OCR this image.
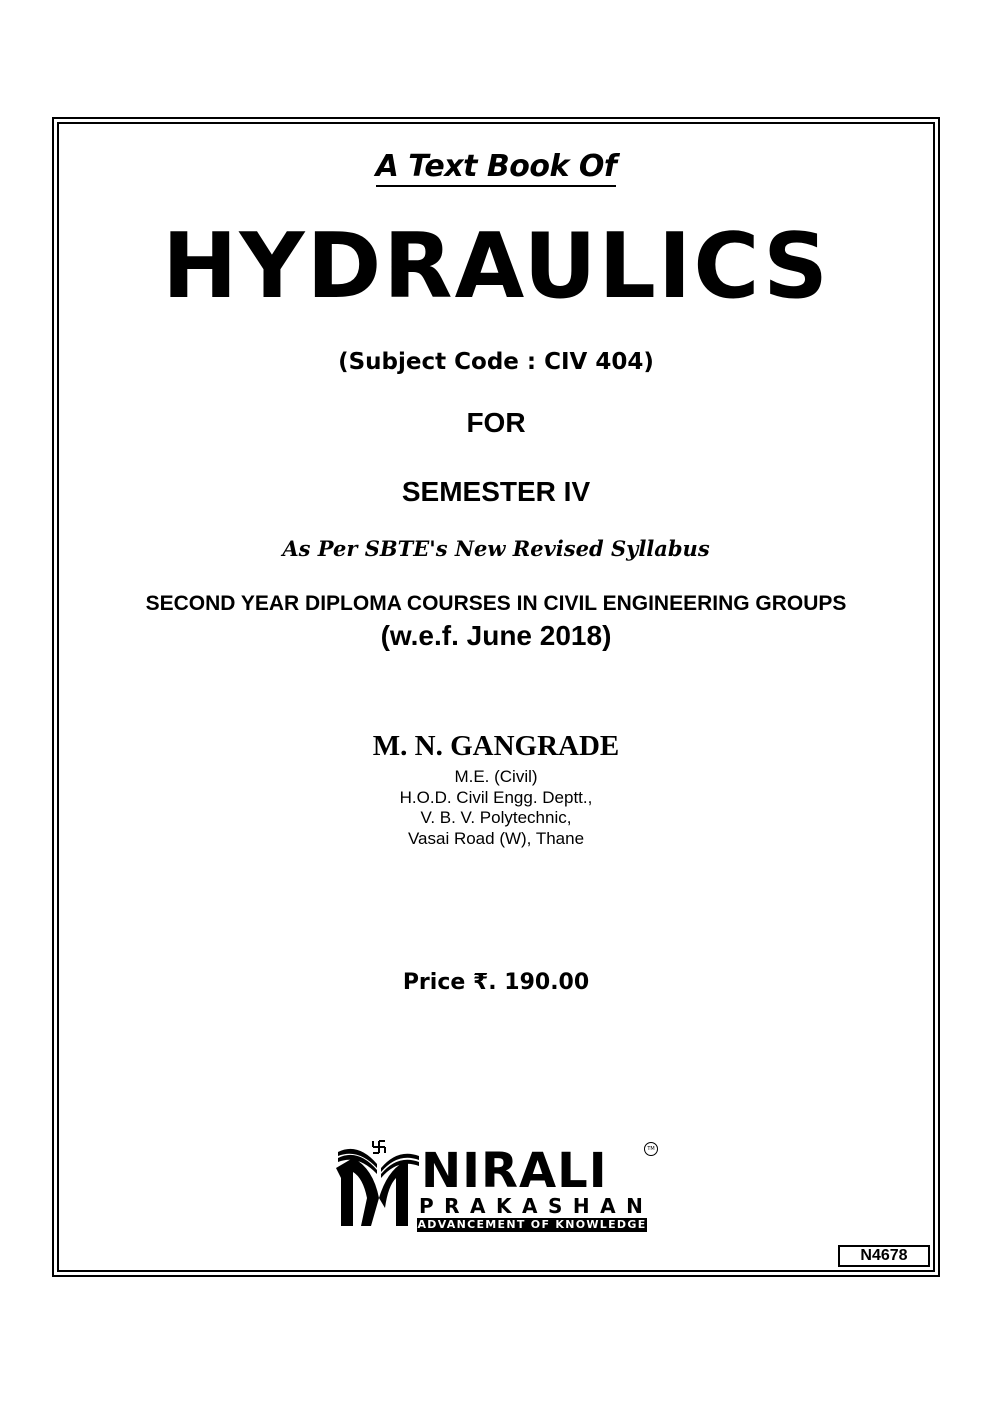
A Text Book Of
HYDRAULICS
(Subject Code : CIV 404)
FOR
SEMESTER IV
As Per SBTE's New Revised Syllabus
SECOND YEAR DIPLOMA COURSES IN CIVIL ENGINEERING GROUPS
(w.e.f. June 2018)
M. N. GANGRADE
M.E. (Civil)
H.O.D. Civil Engg. Deptt.,
V. B. V. Polytechnic,
Vasai Road (W), Thane
Price ₹. 190.00
NIRALI	TM
PRAKASHAN
ADVANCEMENT OF KNOWLEDGE
N4678
